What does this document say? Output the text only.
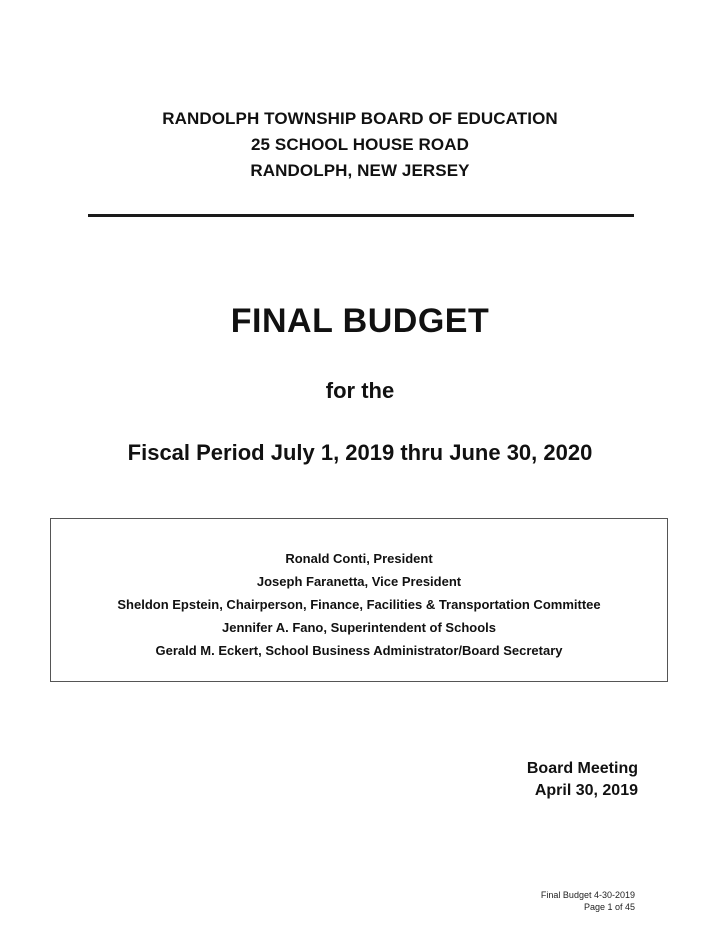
RANDOLPH TOWNSHIP BOARD OF EDUCATION
25 SCHOOL HOUSE ROAD
RANDOLPH, NEW JERSEY
FINAL BUDGET
for the
Fiscal Period July 1, 2019 thru June 30, 2020
Ronald Conti, President
Joseph Faranetta, Vice President
Sheldon Epstein, Chairperson, Finance, Facilities & Transportation Committee
Jennifer A. Fano, Superintendent of Schools
Gerald M. Eckert, School Business Administrator/Board Secretary
Board Meeting
April 30, 2019
Final Budget 4-30-2019
Page 1 of 45
